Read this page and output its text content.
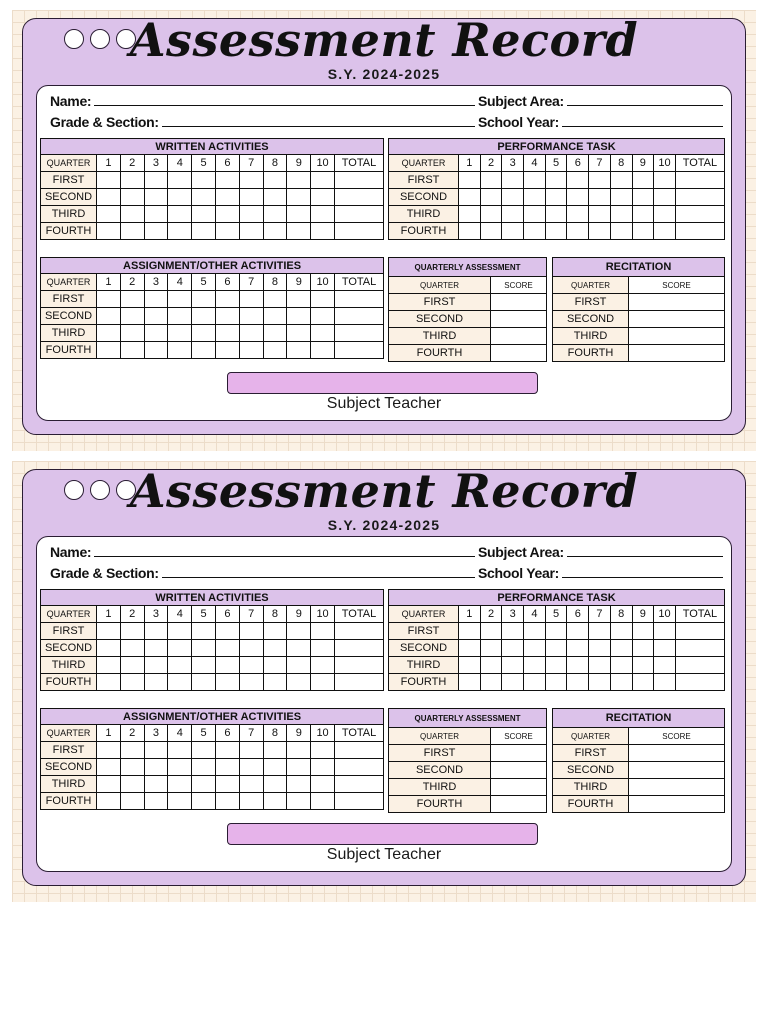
Assessment Record
S.Y. 2024-2025
Name:	Subject Area:
Grade & Section:	School Year:
WRITTEN ACTIVITIES											
QUARTER	1	2	3	4	5	6	7	8	9	10	TOTAL
FIRST											
SECOND											
THIRD											
FOURTH											
PERFORMANCE TASK											
QUARTER	1	2	3	4	5	6	7	8	9	10	TOTAL
FIRST											
SECOND											
THIRD											
FOURTH											
ASSIGNMENT/OTHER ACTIVITIES											
QUARTER	1	2	3	4	5	6	7	8	9	10	TOTAL
FIRST											
SECOND											
THIRD											
FOURTH											
QUARTERLY ASSESSMENT	
QUARTER	SCORE
FIRST	
SECOND	
THIRD	
FOURTH	
RECITATION	
QUARTER	SCORE
FIRST	
SECOND	
THIRD	
FOURTH	
Subject Teacher
Assessment Record
S.Y. 2024-2025
Name:	Subject Area:
Grade & Section:	School Year:
WRITTEN ACTIVITIES											
QUARTER	1	2	3	4	5	6	7	8	9	10	TOTAL
FIRST											
SECOND											
THIRD											
FOURTH											
PERFORMANCE TASK											
QUARTER	1	2	3	4	5	6	7	8	9	10	TOTAL
FIRST											
SECOND											
THIRD											
FOURTH											
ASSIGNMENT/OTHER ACTIVITIES											
QUARTER	1	2	3	4	5	6	7	8	9	10	TOTAL
FIRST											
SECOND											
THIRD											
FOURTH											
QUARTERLY ASSESSMENT	
QUARTER	SCORE
FIRST	
SECOND	
THIRD	
FOURTH	
RECITATION	
QUARTER	SCORE
FIRST	
SECOND	
THIRD	
FOURTH	
Subject Teacher
